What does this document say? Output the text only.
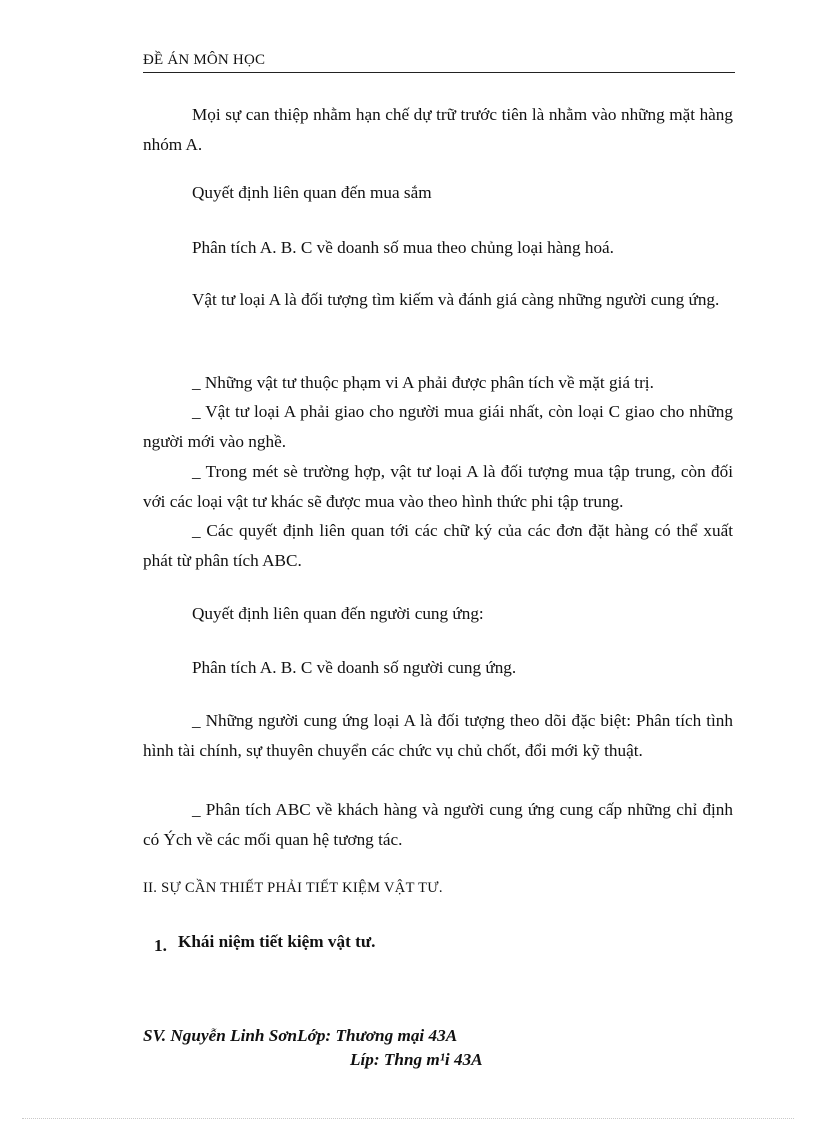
ĐỀ ÁN MÔN HỌC

Mọi sự can thiệp nhằm hạn chế dự trữ trước tiên là nhằm vào những mặt hàng nhóm A.

Quyết định liên quan đến mua sắm

Phân tích A. B. C về doanh số mua theo chủng loại hàng hoá.

Vật tư loại A là đối tượng tìm kiếm và đánh giá càng những người cung ứng.

_ Những vật tư thuộc phạm vi A phải được phân tích về mặt giá trị.

_ Vật tư loại A phải giao cho người mua giái nhất, còn loại C giao cho những người mới vào nghề.

_ Trong mét sè trường hợp, vật tư loại A là đối tượng mua tập trung, còn đối với các loại vật tư khác sẽ được mua vào theo hình thức phi tập trung.

_ Các quyết định liên quan tới các chữ ký của các đơn đặt hàng có thể xuất phát từ phân tích ABC.

Quyết định liên quan đến người cung ứng:

Phân tích A. B. C về doanh số người cung ứng.

_ Những người cung ứng loại A là đối tượng theo dõi đặc biệt: Phân tích tình hình tài chính, sự thuyên chuyển các chức vụ chủ chốt, đổi mới kỹ thuật.

_ Phân tích ABC về khách hàng và người cung ứng cung cấp những chỉ định có Ých về các mối quan hệ tương tác.

II. SỰ CẦN THIẾT PHẢI TIẾT KIỆM VẬT TƯ.
1. Khái niệm tiết kiệm vật tư.
SV. Nguyễn Linh SơnLớp: Thương mại 43A
Líp: Thng m¹i 43A
